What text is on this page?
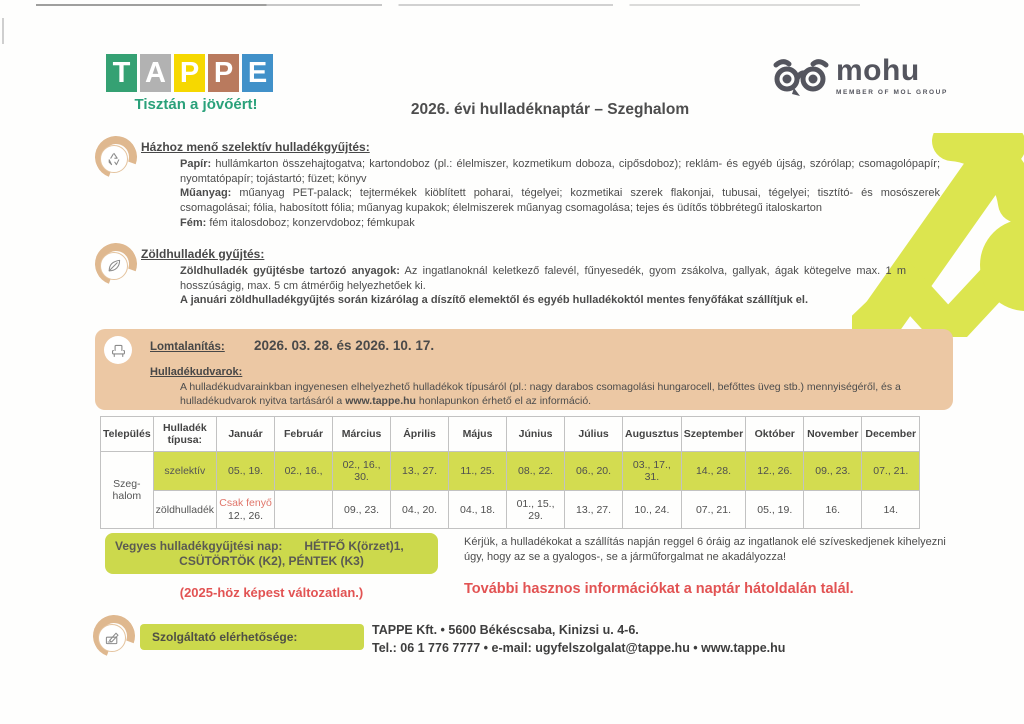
T A P P E
Tisztán a jövőért!	2026. évi hulladéknaptár – Szeghalom
mohu
MEMBER OF MOL GROUP
Házhoz menő szelektív hulladékgyűjtés:

Papír: hullámkarton összehajtogatva; kartondoboz (pl.: élelmiszer, kozmetikum doboza, cipősdoboz); reklám- és egyéb újság, szórólap; csomagolópapír; nyomtatópapír; tojástartó; füzet; könyv

Műanyag: műanyag PET-palack; tejtermékek kiöblített poharai, tégelyei; kozmetikai szerek flakonjai, tubusai, tégelyei; tisztító- és mosószerek csomagolásai; fólia, habosított fólia; műanyag kupakok; élelmiszerek műanyag csomagolása; tejes és üdítős többrétegű italoskarton

Fém: fém italosdoboz; konzervdoboz; fémkupak

Zöldhulladék gyűjtés:

Zöldhulladék gyűjtésbe tartozó anyagok: Az ingatlanoknál keletkező falevél, fűnyesedék, gyom zsákolva, gallyak, ágak kötegelve max. 1 m hosszúságig, max. 5 cm átmérőig helyezhetőek ki.

A januári zöldhulladékgyűjtés során kizárólag a díszítő elemektől és egyéb hulladékoktól mentes fenyőfákat szállítjuk el.

Lomtalanítás: 2026. 03. 28. és 2026. 10. 17.
Hulladékudvarok:
A hulladékudvarainkban ingyenesen elhelyezhető hulladékok típusáról (pl.: nagy darabos csomagolási hungarocell, befőttes üveg stb.) mennyiségéről, és a hulladékudvarok nyitva tartásáról a www.tappe.hu honlapunkon érhető el az információ.
Település	Hulladék típusa:	Január	Február	Március	Április	Május	Június	Július	Augusztus	Szeptember	Október	November	December
Szeg-
halom	szelektív	05., 19.	02., 16.,	02., 16., 30.	13., 27.	11., 25.	08., 22.	06., 20.	03., 17., 31.	14., 28.	12., 26.	09., 23.	07., 21.
	zöldhulladék	Csak fenyő
12., 26.		09., 23.	04., 20.	04., 18.	01., 15., 29.	13., 27.	10., 24.	07., 21.	05., 19.	16.	14.
Vegyes hulladékgyűjtési nap: HÉTFŐ K(örzet)1,
CSÜTÖRTÖK (K2), PÉNTEK (K3)
(2025-höz képest változatlan.)
Kérjük, a hulladékokat a szállítás napján reggel 6 óráig az ingatlanok elé szíveskedjenek kihelyezni úgy, hogy az se a gyalogos-, se a járműforgalmat ne akadályozza!
További hasznos információkat a naptár hátoldalán talál.
Szolgáltató elérhetősége:	TAPPE Kft. • 5600 Békéscsaba, Kinizsi u. 4-6.
Tel.: 06 1 776 7777 • e-mail: ugyfelszolgalat@tappe.hu • www.tappe.hu
